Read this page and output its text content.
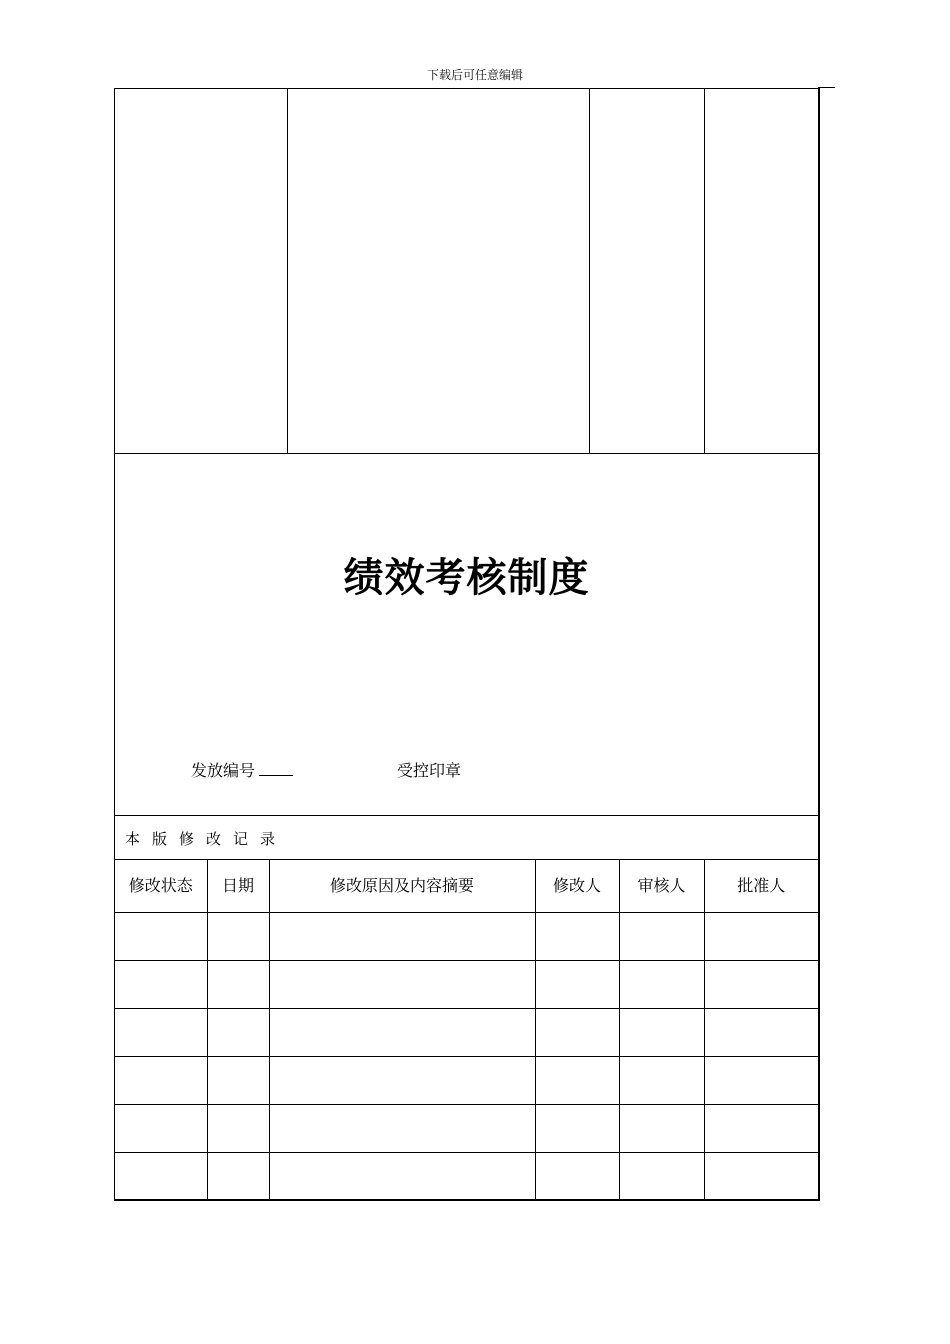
下载后可任意编辑
绩效考核制度
发放编号	受控印章
本版修改记录
修改状态	日期	修改原因及内容摘要	修改人	审核人	批准人
